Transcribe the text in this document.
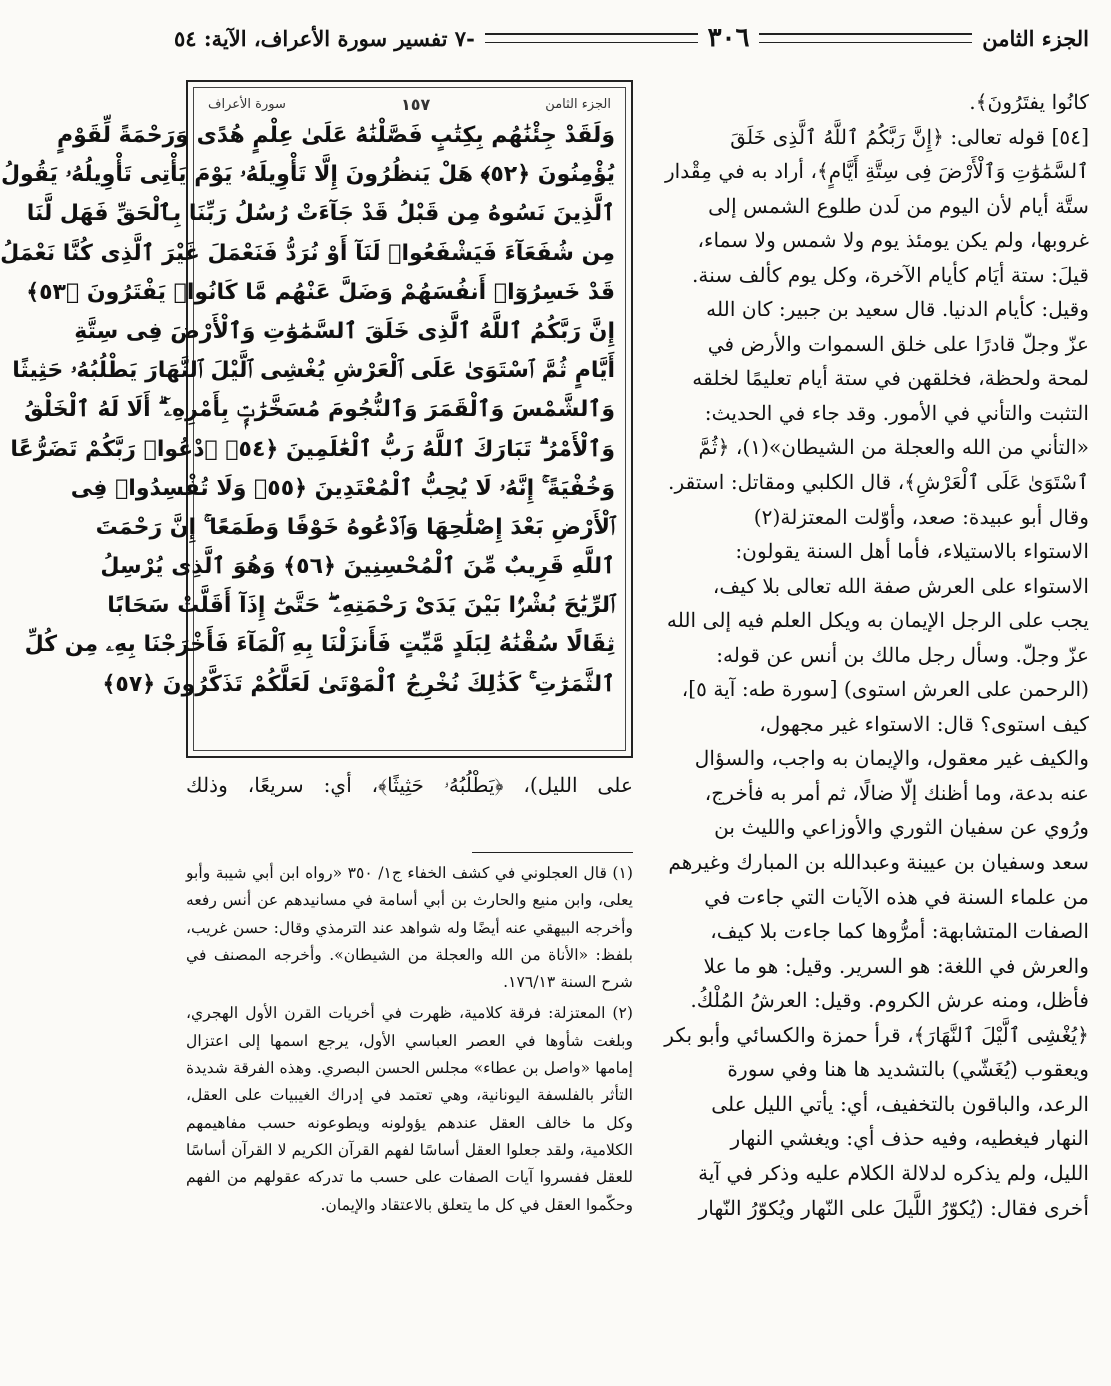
الجزء الثامن
٣٠٦
-٧ تفسير سورة الأعراف، الآية: ٥٤

كانُوا يفتَرُونَ﴾.

[٥٤] قوله تعالى: ﴿إِنَّ رَبَّكُمُ ٱللَّهُ ٱلَّذِى خَلَقَ

ٱلسَّمَٰوَٰتِ وَٱلْأَرْضَ فِى سِتَّةِ أَيَّامٍ﴾، أراد به في مِقْدار

ستَّة أيام لأن اليوم من لَدن طلوع الشمس إلى

غروبها، ولم يكن يومئذ يوم ولا شمس ولا سماء،

قيلَ: ستة أيَام كأيام الآخرة، وكل يوم كألف سنة.

وقيل: كأيام الدنيا. قال سعيد بن جبير: كان الله

عزّ وجلّ قادرًا على خلق السموات والأرض في

لمحة ولحظة، فخلقهن في ستة أيام تعليمًا لخلقه

التثبت والتأني في الأمور. وقد جاء في الحديث:

«التأني من الله والعجلة من الشيطان»(١)، ﴿ثُمَّ

ٱسْتَوَىٰ عَلَى ٱلْعَرْشِ﴾، قال الكلبي ومقاتل: استقر.

وقال أبو عبيدة: صعد، وأوّلت المعتزلة(٢)

الاستواء بالاستيلاء، فأما أهل السنة يقولون:

الاستواء على العرش صفة الله تعالى بلا كيف،

يجب على الرجل الإيمان به ويكل العلم فيه إلى الله

عزّ وجلّ. وسأل رجل مالك بن أنس عن قوله:

(الرحمن على العرش استوى) [سورة طه: آية ٥]،

كيف استوى؟ قال: الاستواء غير مجهول،

والكيف غير معقول، والإيمان به واجب، والسؤال

عنه بدعة، وما أظنك إلّا ضالًا، ثم أمر به فأخرج،

ورُوي عن سفيان الثوري والأوزاعي والليث بن

سعد وسفيان بن عيينة وعبدالله بن المبارك وغيرهم

من علماء السنة في هذه الآيات التي جاءت في

الصفات المتشابهة: أمرُّوها كما جاءت بلا كيف،

والعرش في اللغة: هو السرير. وقيل: هو ما علا

فأظل، ومنه عرش الكروم. وقيل: العرشُ المُلْكُ.

﴿يُغْشِى ٱلَّيْلَ ٱلنَّهَارَ﴾، قرأ حمزة والكسائي وأبو بكر

ويعقوب (يُغَشّي) بالتشديد ها هنا وفي سورة

الرعد، والباقون بالتخفيف، أي: يأتي الليل على

النهار فيغطيه، وفيه حذف أي: ويغشي النهار

الليل، ولم يذكره لدلالة الكلام عليه وذكر في آية

أخرى فقال: (يُكوّرُ اللَّيلَ على النّهار ويُكوّرُ النّهار

الجزء الثامن
١٥٧
سورة الأعراف
وَلَقَدْ جِئْنَٰهُم بِكِتَٰبٍ فَصَّلْنَٰهُ عَلَىٰ عِلْمٍ هُدًى وَرَحْمَةً لِّقَوْمٍ
يُؤْمِنُونَ ﴿٥٢﴾ هَلْ يَنظُرُونَ إِلَّا تَأْوِيلَهُۥ يَوْمَ يَأْتِى تَأْوِيلُهُۥ يَقُولُ
ٱلَّذِينَ نَسُوهُ مِن قَبْلُ قَدْ جَآءَتْ رُسُلُ رَبِّنَا بِٱلْحَقِّ فَهَل لَّنَا
مِن شُفَعَآءَ فَيَشْفَعُوا۟ لَنَآ أَوْ نُرَدُّ فَنَعْمَلَ غَيْرَ ٱلَّذِى كُنَّا نَعْمَلُ
قَدْ خَسِرُوٓا۟ أَنفُسَهُمْ وَضَلَّ عَنْهُم مَّا كَانُوا۟ يَفْتَرُونَ ﴿٥٣﴾
إِنَّ رَبَّكُمُ ٱللَّهُ ٱلَّذِى خَلَقَ ٱلسَّمَٰوَٰتِ وَٱلْأَرْضَ فِى سِتَّةِ
أَيَّامٍ ثُمَّ ٱسْتَوَىٰ عَلَى ٱلْعَرْشِ يُغْشِى ٱلَّيْلَ ٱلنَّهَارَ يَطْلُبُهُۥ حَثِيثًا
وَٱلشَّمْسَ وَٱلْقَمَرَ وَٱلنُّجُومَ مُسَخَّرَٰتٍۭ بِأَمْرِهِۦٓ ۗ أَلَا لَهُ ٱلْخَلْقُ
وَٱلْأَمْرُ ۗ تَبَارَكَ ٱللَّهُ رَبُّ ٱلْعَٰلَمِينَ ﴿٥٤﴾ ٱدْعُوا۟ رَبَّكُمْ تَضَرُّعًا
وَخُفْيَةً ۚ إِنَّهُۥ لَا يُحِبُّ ٱلْمُعْتَدِينَ ﴿٥٥﴾ وَلَا تُفْسِدُوا۟ فِى
ٱلْأَرْضِ بَعْدَ إِصْلَٰحِهَا وَٱدْعُوهُ خَوْفًا وَطَمَعًا ۚ إِنَّ رَحْمَتَ
ٱللَّهِ قَرِيبٌ مِّنَ ٱلْمُحْسِنِينَ ﴿٥٦﴾ وَهُوَ ٱلَّذِى يُرْسِلُ
ٱلرِّيَٰحَ بُشْرًۢا بَيْنَ يَدَىْ رَحْمَتِهِۦ ۖ حَتَّىٰٓ إِذَآ أَقَلَّتْ سَحَابًا
ثِقَالًا سُقْنَٰهُ لِبَلَدٍ مَّيِّتٍ فَأَنزَلْنَا بِهِ ٱلْمَآءَ فَأَخْرَجْنَا بِهِۦ مِن كُلِّ
ٱلثَّمَرَٰتِ ۚ كَذَٰلِكَ نُخْرِجُ ٱلْمَوْتَىٰ لَعَلَّكُمْ تَذَكَّرُونَ ﴿٥٧﴾
على الليل)، ﴿يَطْلُبُهُۥ حَثِيثًا﴾، أي: سريعًا، وذلك

(١) قال العجلوني في كشف الخفاء ج١/ ٣٥٠ «رواه ابن أبي شيبة وأبو يعلى، وابن منيع والحارث بن أبي أسامة في مسانيدهم عن أنس رفعه وأخرجه البيهقي عنه أيضًا وله شواهد عند الترمذي وقال: حسن غريب، بلفظ: «الأناة من الله والعجلة من الشيطان». وأخرجه المصنف في شرح السنة ١٧٦/١٣.

(٢) المعتزلة: فرقة كلامية، ظهرت في أخريات القرن الأول الهجري، وبلغت شأوها في العصر العباسي الأول، يرجع اسمها إلى اعتزال إمامها «واصل بن عطاء» مجلس الحسن البصري. وهذه الفرقة شديدة التأثر بالفلسفة اليونانية، وهي تعتمد في إدراك الغيبيات على العقل، وكل ما خالف العقل عندهم يؤولونه ويطوعونه حسب مفاهيمهم الكلامية، ولقد جعلوا العقل أساسًا لفهم القرآن الكريم لا القرآن أساسًا للعقل ففسروا آيات الصفات على حسب ما تدركه عقولهم من الفهم وحكّموا العقل في كل ما يتعلق بالاعتقاد والإيمان.
